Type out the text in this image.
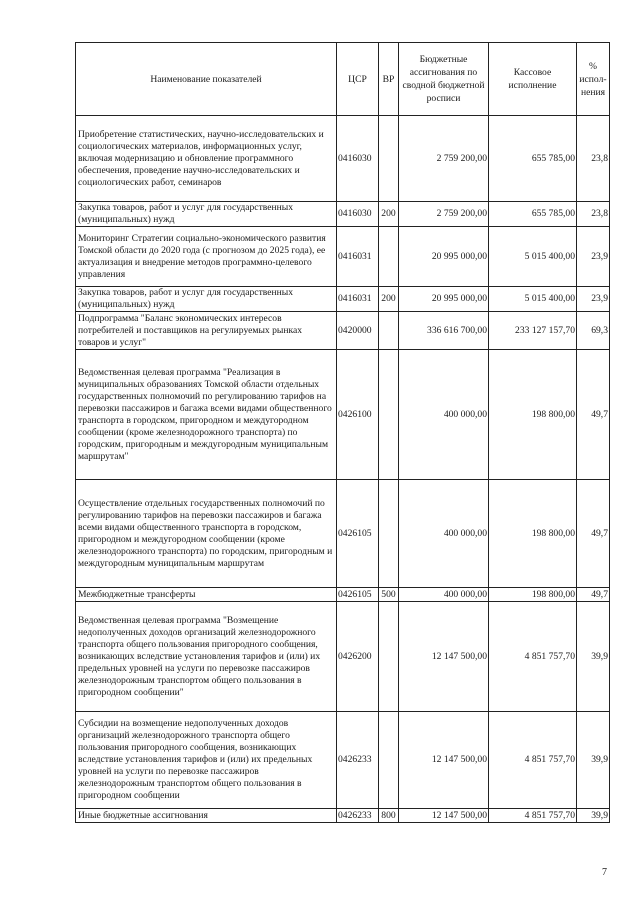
Наименование показателей	ЦСР	ВР	Бюджетные ассигнования по сводной бюджетной росписи	Кассовое исполнение	% испол-нения
Приобретение статистических, научно-исследовательских и социологических материалов, информационных услуг, включая модернизацию и обновление программного обеспечения, проведение научно-исследовательских и социологических работ, семинаров	0416030		2 759 200,00	655 785,00	23,8
Закупка товаров, работ и услуг для государственных (муниципальных) нужд	0416030	200	2 759 200,00	655 785,00	23,8
Мониторинг Стратегии социально-экономического развития Томской области до 2020 года (с прогнозом до 2025 года), ее актуализация и внедрение методов программно-целевого управления	0416031		20 995 000,00	5 015 400,00	23,9
Закупка товаров, работ и услуг для государственных (муниципальных) нужд	0416031	200	20 995 000,00	5 015 400,00	23,9
Подпрограмма "Баланс экономических интересов потребителей и поставщиков на регулируемых рынках товаров и услуг"	0420000		336 616 700,00	233 127 157,70	69,3
Ведомственная целевая программа "Реализация в муниципальных образованиях Томской области отдельных государственных полномочий по регулированию тарифов на перевозки пассажиров и багажа всеми видами общественного транспорта в городском, пригородном и междугородном сообщении (кроме железнодорожного транспорта) по городским, пригородным и междугородным муниципальным маршрутам"	0426100		400 000,00	198 800,00	49,7
Осуществление отдельных государственных полномочий по регулированию тарифов на перевозки пассажиров и багажа всеми видами общественного транспорта в городском, пригородном и междугородном сообщении (кроме железнодорожного транспорта) по городским, пригородным и междугородным муниципальным маршрутам	0426105		400 000,00	198 800,00	49,7
Межбюджетные трансферты	0426105	500	400 000,00	198 800,00	49,7
Ведомственная целевая программа "Возмещение недополученных доходов организаций железнодорожного транспорта общего пользования пригородного сообщения, возникающих вследствие установления тарифов и (или) их предельных уровней на услуги по перевозке пассажиров железнодорожным транспортом общего пользования в пригородном сообщении"	0426200		12 147 500,00	4 851 757,70	39,9
Субсидии на возмещение недополученных доходов организаций железнодорожного транспорта общего пользования пригородного сообщения, возникающих вследствие установления тарифов и (или) их предельных уровней на услуги по перевозке пассажиров железнодорожным транспортом общего пользования в пригородном сообщении	0426233		12 147 500,00	4 851 757,70	39,9
Иные бюджетные ассигнования	0426233	800	12 147 500,00	4 851 757,70	39,9
7
